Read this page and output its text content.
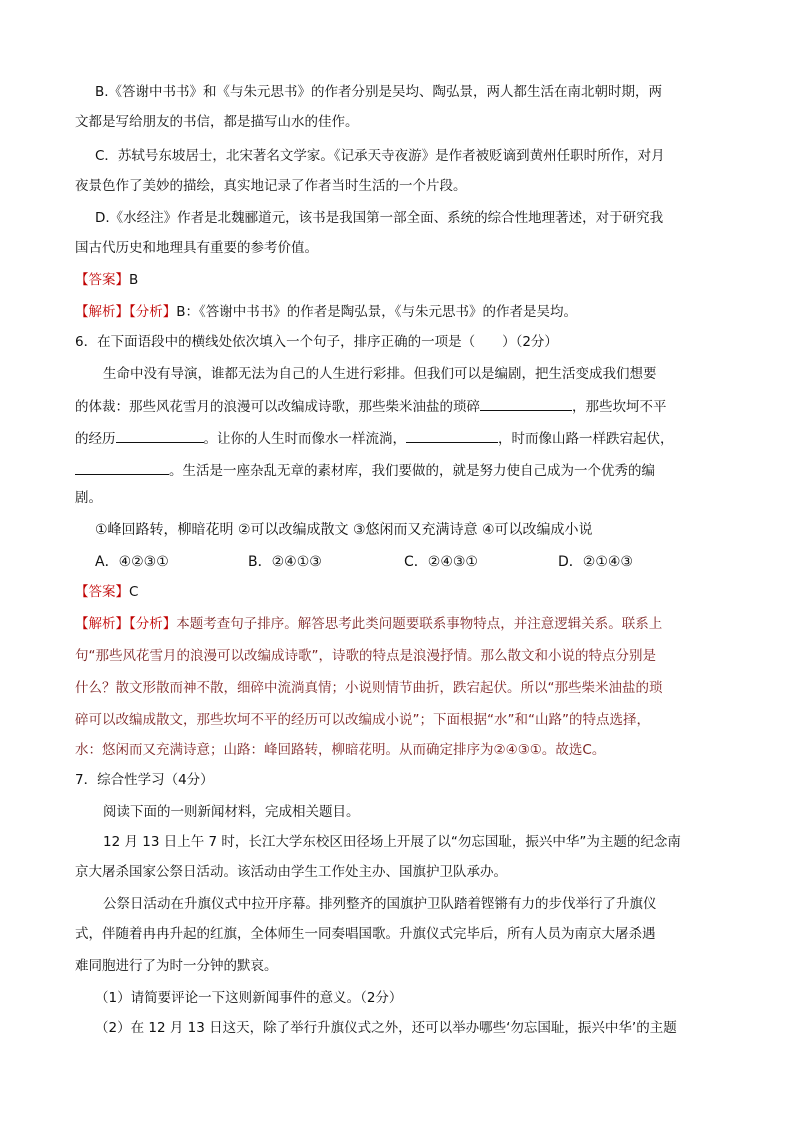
B.《答谢中书书》和《与朱元思书》的作者分别是吴均、陶弘景，两人都生活在南北朝时期，两
文都是写给朋友的书信，都是描写山水的佳作。
C．苏轼号东坡居士，北宋著名文学家。《记承天寺夜游》是作者被贬谪到黄州任职时所作，对月
夜景色作了美妙的描绘，真实地记录了作者当时生活的一个片段。
D.《水经注》作者是北魏郦道元，该书是我国第一部全面、系统的综合性地理著述，对于研究我
国古代历史和地理具有重要的参考价值。
【答案】B
【解析】【分析】B：《答谢中书书》的作者是陶弘景，《与朱元思书》的作者是吴均。
6．在下面语段中的横线处依次填入一个句子，排序正确的一项是（　　）（2分）
生命中没有导演，谁都无法为自己的人生进行彩排。但我们可以是编剧，把生活变成我们想要
的体裁：那些风花雪月的浪漫可以改编成诗歌，那些柴米油盐的琐碎	，那些坎坷不平
的经历	。让你的人生时而像水一样流淌，	，时而像山路一样跌宕起伏，
。生活是一座杂乱无章的素材库，我们要做的，就是努力使自己成为一个优秀的编
剧。
①峰回路转，柳暗花明 ②可以改编成散文 ③悠闲而又充满诗意 ④可以改编成小说
A．④②③①	B．②④①③	C．②④③①	D．②①④③
【答案】C
【解析】【分析】本题考查句子排序。解答思考此类问题要联系事物特点，并注意逻辑关系。联系上
句“那些风花雪月的浪漫可以改编成诗歌”，诗歌的特点是浪漫抒情。那么散文和小说的特点分别是
什么？散文形散而神不散，细碎中流淌真情；小说则情节曲折，跌宕起伏。所以“那些柴米油盐的琐
碎可以改编成散文，那些坎坷不平的经历可以改编成小说”；下面根据“水”和“山路”的特点选择，
水：悠闲而又充满诗意；山路：峰回路转，柳暗花明。从而确定排序为②④③①。故选C。
7．综合性学习（4分）
阅读下面的一则新闻材料，完成相关题目。
12 月 13 日上午 7 时，长江大学东校区田径场上开展了以“勿忘国耻，振兴中华”为主题的纪念南
京大屠杀国家公祭日活动。该活动由学生工作处主办、国旗护卫队承办。
公祭日活动在升旗仪式中拉开序幕。排列整齐的国旗护卫队踏着铿锵有力的步伐举行了升旗仪
式，伴随着冉冉升起的红旗，全体师生一同奏唱国歌。升旗仪式完毕后，所有人员为南京大屠杀遇
难同胞进行了为时一分钟的默哀。
（1）请简要评论一下这则新闻事件的意义。（2分）
（2）在 12 月 13 日这天，除了举行升旗仪式之外，还可以举办哪些‘勿忘国耻，振兴中华’的主题
